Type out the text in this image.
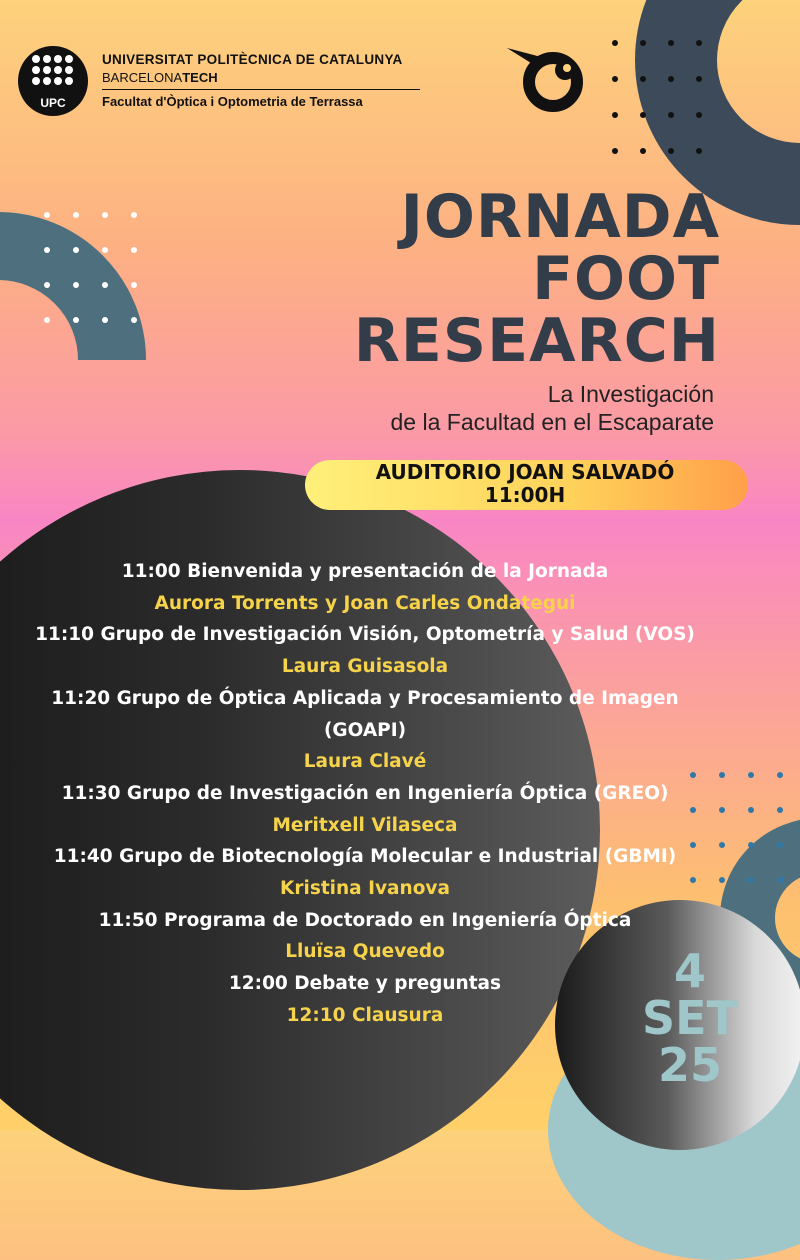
UPC
UNIVERSITAT POLITÈCNICA DE CATALUNYA
BARCELONATECH
Facultat d'Òptica i Optometria de Terrassa
JORNADA
FOOT
RESEARCH
La Investigación
de la Facultad en el Escaparate
AUDITORIO JOAN SALVADÓ
11:00H
11:00 Bienvenida y presentación de la Jornada
Aurora Torrents y Joan Carles Ondategui
11:10 Grupo de Investigación Visión, Optometría y Salud (VOS)
Laura Guisasola
11:20 Grupo de Óptica Aplicada y Procesamiento de Imagen
(GOAPI)
Laura Clavé
11:30 Grupo de Investigación en Ingeniería Óptica (GREO)
Meritxell Vilaseca
11:40 Grupo de Biotecnología Molecular e Industrial (GBMI)
Kristina Ivanova
11:50 Programa de Doctorado en Ingeniería Óptica
Lluïsa Quevedo
12:00 Debate y preguntas
12:10 Clausura
4
SET
25
